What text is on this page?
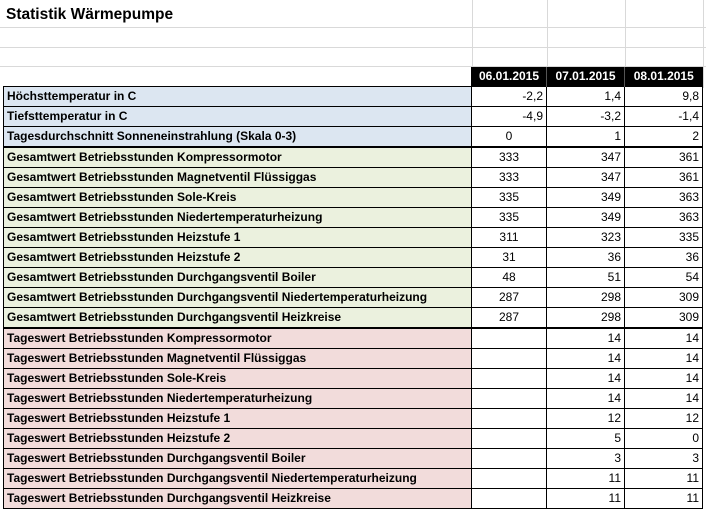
Statistik Wärmepumpe
	06.01.2015	07.01.2015	08.01.2015
Höchsttemperatur in C	-2,2	1,4	9,8
Tiefsttemperatur in C	-4,9	-3,2	-1,4
Tagesdurchschnitt Sonneneinstrahlung (Skala 0-3)	0	1	2
Gesamtwert Betriebsstunden Kompressormotor	333	347	361
Gesamtwert Betriebsstunden Magnetventil Flüssiggas	333	347	361
Gesamtwert Betriebsstunden Sole-Kreis	335	349	363
Gesamtwert Betriebsstunden Niedertemperaturheizung	335	349	363
Gesamtwert Betriebsstunden Heizstufe 1	311	323	335
Gesamtwert Betriebsstunden Heizstufe 2	31	36	36
Gesamtwert Betriebsstunden Durchgangsventil Boiler	48	51	54
Gesamtwert Betriebsstunden Durchgangsventil Niedertemperaturheizung	287	298	309
Gesamtwert Betriebsstunden Durchgangsventil Heizkreise	287	298	309
Tageswert Betriebsstunden Kompressormotor		14	14
Tageswert Betriebsstunden Magnetventil Flüssiggas		14	14
Tageswert Betriebsstunden Sole-Kreis		14	14
Tageswert Betriebsstunden Niedertemperaturheizung		14	14
Tageswert Betriebsstunden Heizstufe 1		12	12
Tageswert Betriebsstunden Heizstufe 2		5	0
Tageswert Betriebsstunden Durchgangsventil Boiler		3	3
Tageswert Betriebsstunden Durchgangsventil Niedertemperaturheizung		11	11
Tageswert Betriebsstunden Durchgangsventil Heizkreise		11	11
